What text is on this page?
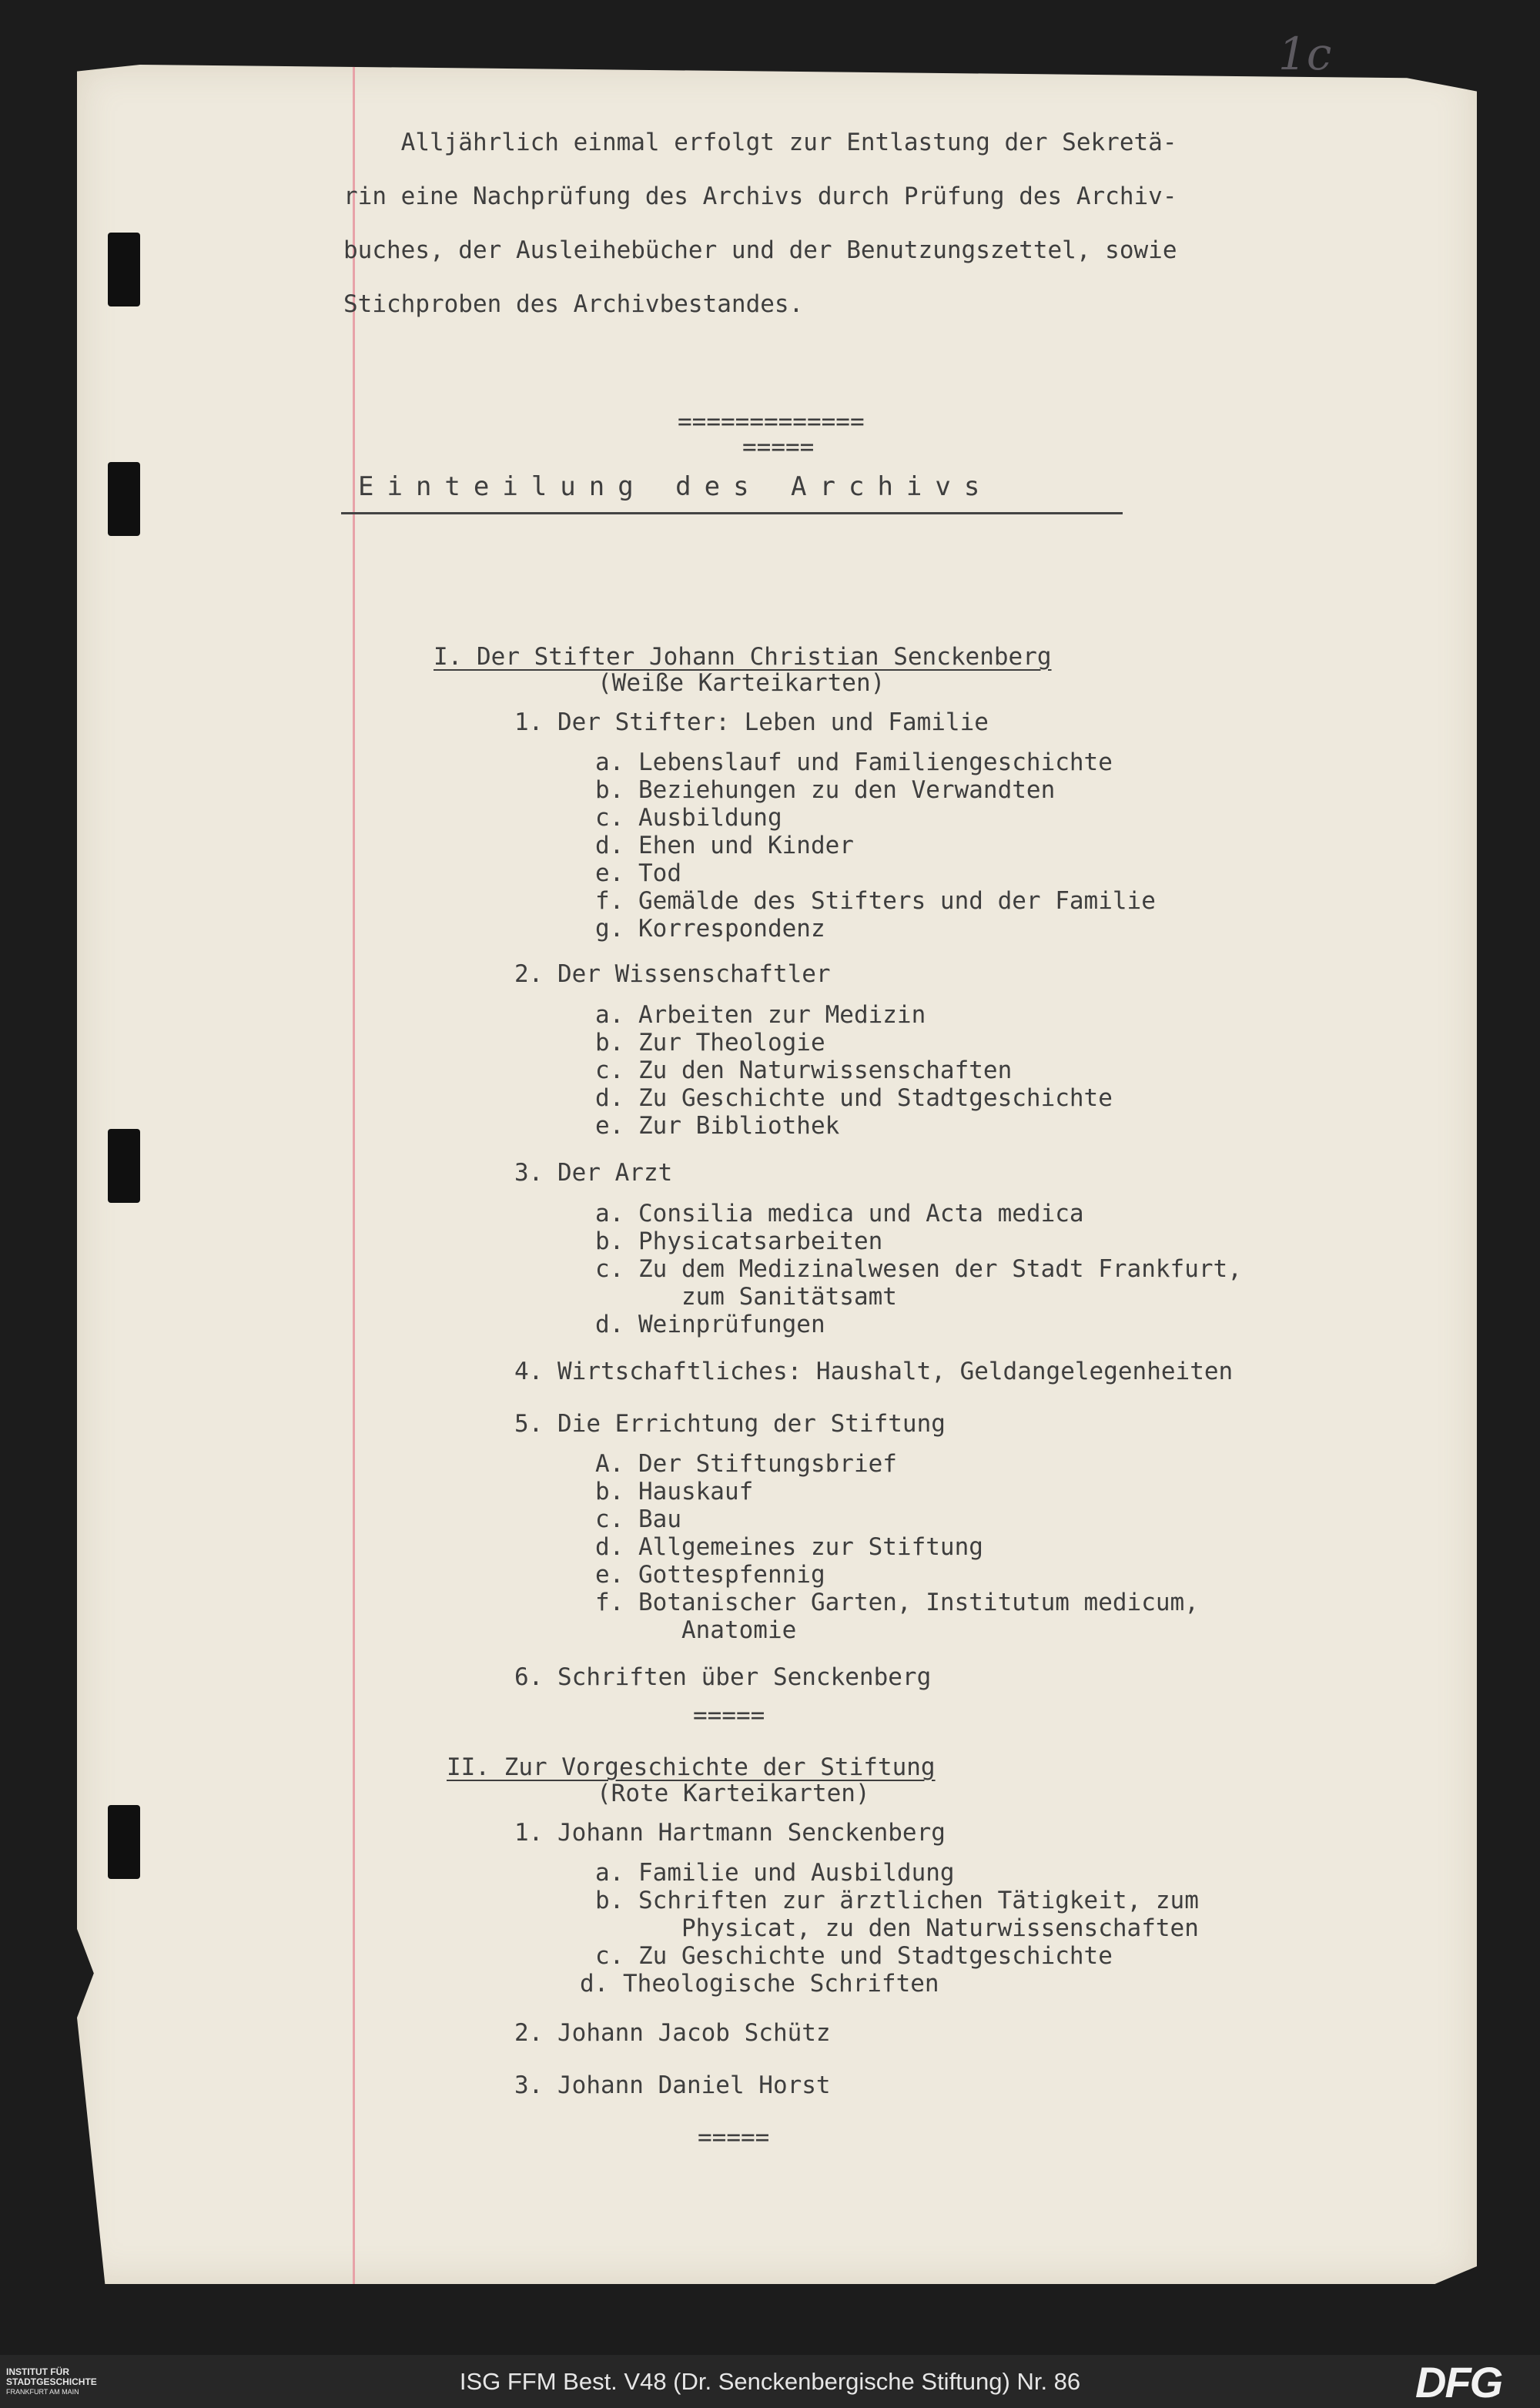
1c
Alljährlich einmal erfolgt zur Entlastung der Sekretä-
rin eine Nachprüfung des Archivs durch Prüfung des Archiv-
buches, der Ausleihebücher und der Benutzungszettel, sowie
Stichproben des Archivbestandes.
=============
=====
Einteilung des Archivs
I. Der Stifter Johann Christian Senckenberg
(Weiße Karteikarten)
1. Der Stifter: Leben und Familie
a. Lebenslauf und Familiengeschichte
b. Beziehungen zu den Verwandten
c. Ausbildung
d. Ehen und Kinder
e. Tod
f. Gemälde des Stifters und der Familie
g. Korrespondenz
2. Der Wissenschaftler
a. Arbeiten zur Medizin
b. Zur Theologie
c. Zu den Naturwissenschaften
d. Zu Geschichte und Stadtgeschichte
e. Zur Bibliothek
3. Der Arzt
a. Consilia medica und Acta medica
b. Physicatsarbeiten
c. Zu dem Medizinalwesen der Stadt Frankfurt,
zum Sanitätsamt
d. Weinprüfungen
4. Wirtschaftliches: Haushalt, Geldangelegenheiten
5. Die Errichtung der Stiftung
A. Der Stiftungsbrief
b. Hauskauf
c. Bau
d. Allgemeines zur Stiftung
e. Gottespfennig
f. Botanischer Garten, Institutum medicum,
Anatomie
6. Schriften über Senckenberg
=====
II. Zur Vorgeschichte der Stiftung
(Rote Karteikarten)
1. Johann Hartmann Senckenberg
a. Familie und Ausbildung
b. Schriften zur ärztlichen Tätigkeit, zum
Physicat, zu den Naturwissenschaften
c. Zu Geschichte und Stadtgeschichte
d. Theologische Schriften
2. Johann Jacob Schütz
3. Johann Daniel Horst
=====
INSTITUT FÜR
STADTGESCHICHTE
FRANKFURT AM MAIN	ISG FFM Best. V48 (Dr. Senckenbergische Stiftung) Nr. 86	DFG
